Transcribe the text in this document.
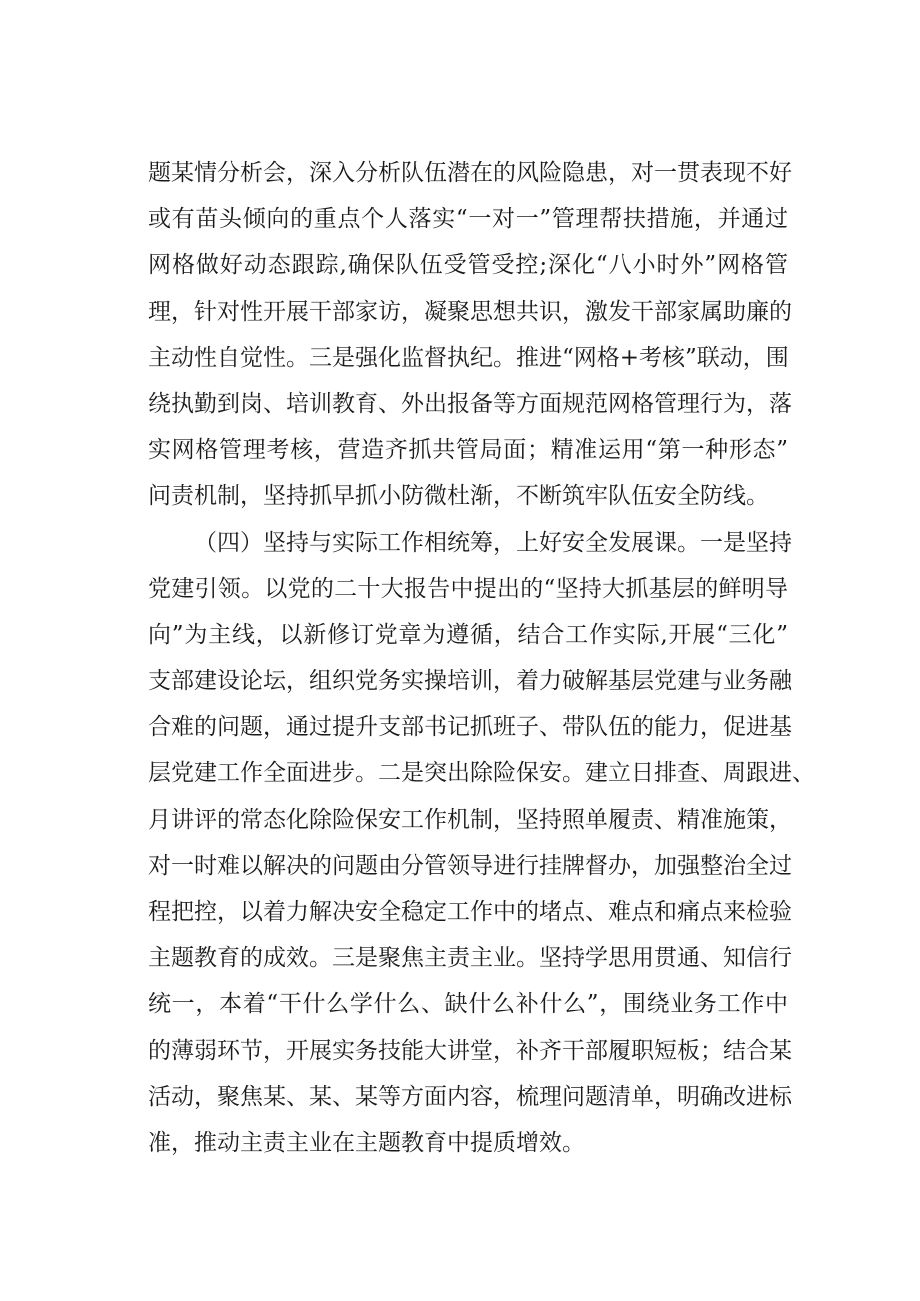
题某情分析会，深入分析队伍潜在的风险隐患，对一贯表现不好
或有苗头倾向的重点个人落实“一对一”管理帮扶措施，并通过
网格做好动态跟踪,确保队伍受管受控;深化“八小时外”网格管
理，针对性开展干部家访，凝聚思想共识，激发干部家属助廉的
主动性自觉性。三是强化监督执纪。推进“网格+考核”联动，围
绕执勤到岗、培训教育、外出报备等方面规范网格管理行为，落
实网格管理考核，营造齐抓共管局面；精准运用“第一种形态”
问责机制，坚持抓早抓小防微杜渐，不断筑牢队伍安全防线。
（四）坚持与实际工作相统筹，上好安全发展课。一是坚持
党建引领。以党的二十大报告中提出的“坚持大抓基层的鲜明导
向”为主线，以新修订党章为遵循，结合工作实际,开展“三化”
支部建设论坛，组织党务实操培训，着力破解基层党建与业务融
合难的问题，通过提升支部书记抓班子、带队伍的能力，促进基
层党建工作全面进步。二是突出除险保安。建立日排查、周跟进、
月讲评的常态化除险保安工作机制，坚持照单履责、精准施策，
对一时难以解决的问题由分管领导进行挂牌督办，加强整治全过
程把控，以着力解决安全稳定工作中的堵点、难点和痛点来检验
主题教育的成效。三是聚焦主责主业。坚持学思用贯通、知信行
统一，本着“干什么学什么、缺什么补什么”，围绕业务工作中
的薄弱环节，开展实务技能大讲堂，补齐干部履职短板；结合某
活动，聚焦某、某、某等方面内容，梳理问题清单，明确改进标
准，推动主责主业在主题教育中提质增效。
